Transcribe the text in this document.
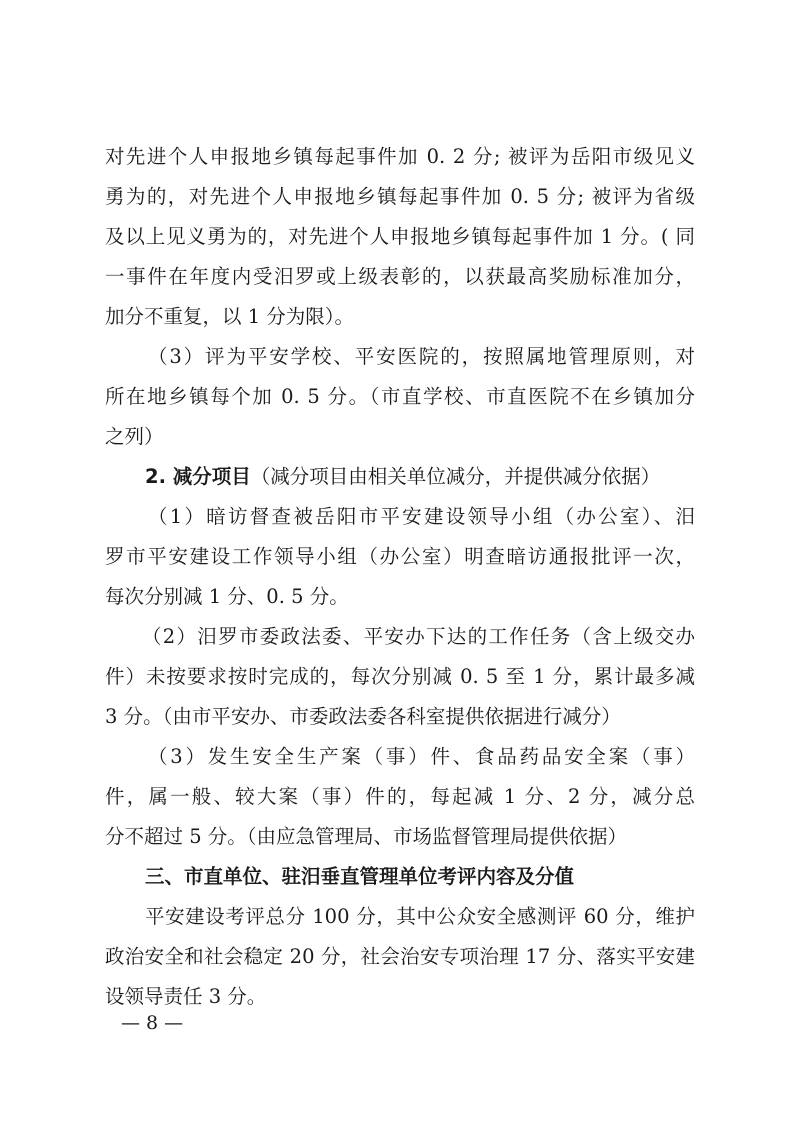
对先进个人申报地乡镇每起事件加 0. 2 分; 被评为岳阳市级见义
勇为的，对先进个人申报地乡镇每起事件加 0. 5 分; 被评为省级
及以上见义勇为的，对先进个人申报地乡镇每起事件加 1 分。( 同
一事件在年度内受汨罗或上级表彰的，以获最高奖励标准加分，
加分不重复，以 1 分为限）。
（3）评为平安学校、平安医院的，按照属地管理原则，对
所在地乡镇每个加 0. 5 分。（市直学校、市直医院不在乡镇加分
之列）
2. 减分项目（减分项目由相关单位减分，并提供减分依据）
（1）暗访督查被岳阳市平安建设领导小组（办公室）、汨
罗市平安建设工作领导小组（办公室）明查暗访通报批评一次，
每次分别减 1 分、0. 5 分。
（2）汨罗市委政法委、平安办下达的工作任务（含上级交办
件）未按要求按时完成的，每次分别减 0. 5 至 1 分，累计最多减
3 分。（由市平安办、市委政法委各科室提供依据进行减分）
（3）发生安全生产案（事）件、食品药品安全案（事）
件，属一般、较大案（事）件的，每起减 1 分、2 分，减分总
分不超过 5 分。（由应急管理局、市场监督管理局提供依据）
三、市直单位、驻汨垂直管理单位考评内容及分值
平安建设考评总分 100 分，其中公众安全感测评 60 分，维护
政治安全和社会稳定 20 分，社会治安专项治理 17 分、落实平安建
设领导责任 3 分。
— 8 —
